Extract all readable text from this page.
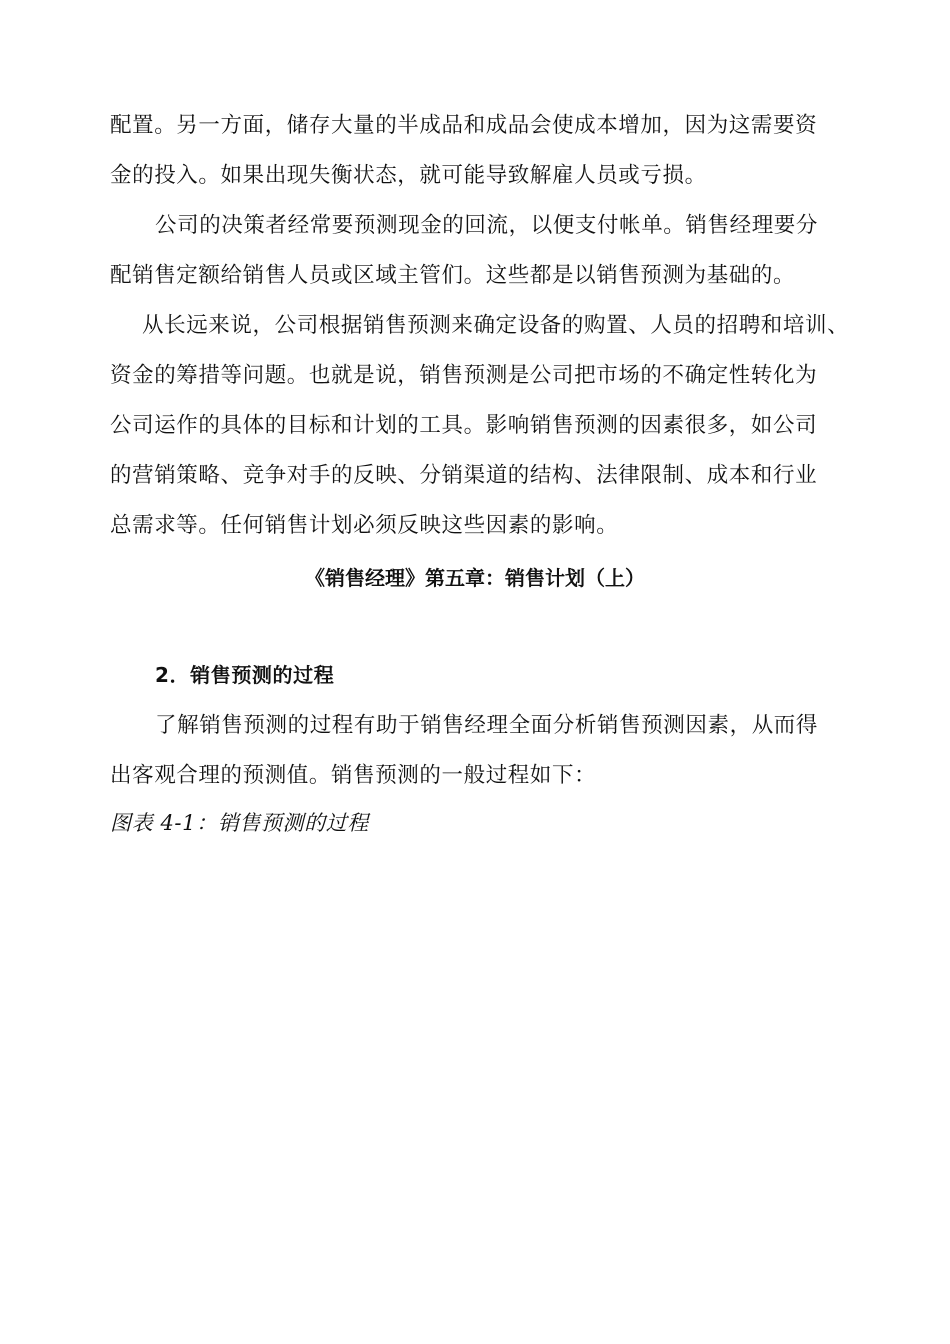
配置。另一方面，储存大量的半成品和成品会使成本增加，因为这需要资
金的投入。如果出现失衡状态，就可能导致解雇人员或亏损。
公司的决策者经常要预测现金的回流，以便支付帐单。销售经理要分
配销售定额给销售人员或区域主管们。这些都是以销售预测为基础的。
从长远来说，公司根据销售预测来确定设备的购置、人员的招聘和培训、
资金的筹措等问题。也就是说，销售预测是公司把市场的不确定性转化为
公司运作的具体的目标和计划的工具。影响销售预测的因素很多，如公司
的营销策略、竞争对手的反映、分销渠道的结构、法律限制、成本和行业
总需求等。任何销售计划必须反映这些因素的影响。
《销售经理》第五章：销售计划（上）
2．销售预测的过程
了解销售预测的过程有助于销售经理全面分析销售预测因素，从而得
出客观合理的预测值。销售预测的一般过程如下：
图表 4-1：销售预测的过程
